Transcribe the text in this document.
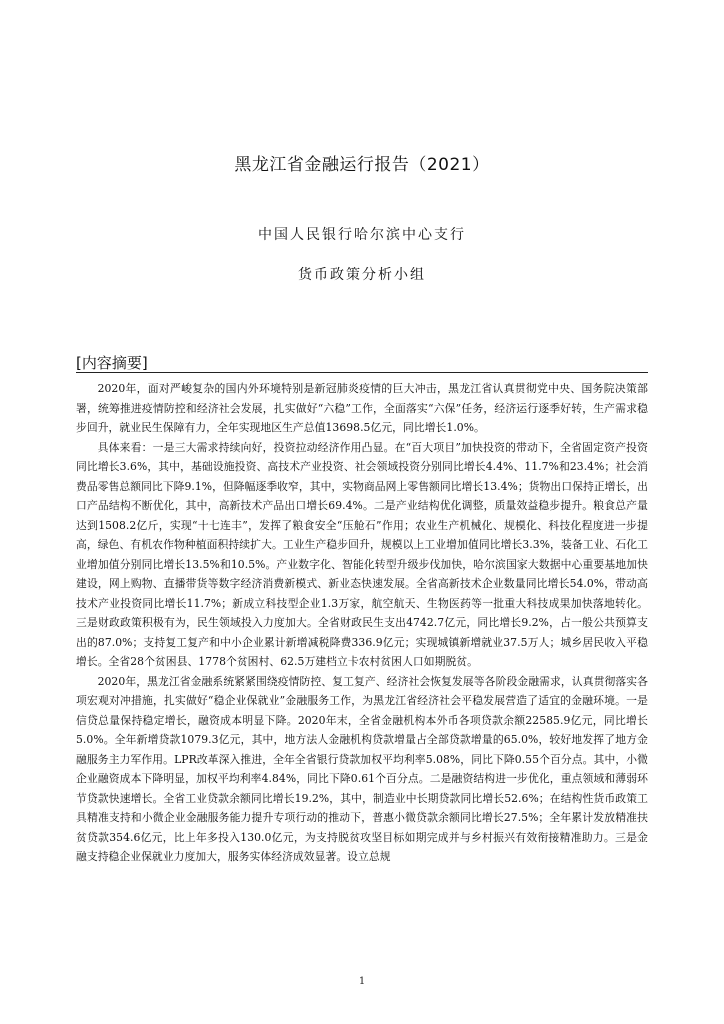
黑龙江省金融运行报告（2021）
中国人民银行哈尔滨中心支行
货币政策分析小组
[内容摘要]

2020年，面对严峻复杂的国内外环境特别是新冠肺炎疫情的巨大冲击，黑龙江省认真贯彻党中央、国务院决策部署，统筹推进疫情防控和经济社会发展，扎实做好“六稳”工作，全面落实“六保”任务，经济运行逐季好转，生产需求稳步回升，就业民生保障有力，全年实现地区生产总值13698.5亿元，同比增长1.0%。

具体来看：一是三大需求持续向好，投资拉动经济作用凸显。在“百大项目”加快投资的带动下，全省固定资产投资同比增长3.6%，其中，基础设施投资、高技术产业投资、社会领域投资分别同比增长4.4%、11.7%和23.4%；社会消费品零售总额同比下降9.1%，但降幅逐季收窄，其中，实物商品网上零售额同比增长13.4%；货物出口保持正增长，出口产品结构不断优化，其中，高新技术产品出口增长69.4%。二是产业结构优化调整，质量效益稳步提升。粮食总产量达到1508.2亿斤，实现“十七连丰”，发挥了粮食安全“压舱石”作用；农业生产机械化、规模化、科技化程度进一步提高，绿色、有机农作物种植面积持续扩大。工业生产稳步回升，规模以上工业增加值同比增长3.3%，装备工业、石化工业增加值分别同比增长13.5%和10.5%。产业数字化、智能化转型升级步伐加快，哈尔滨国家大数据中心重要基地加快建设，网上购物、直播带货等数字经济消费新模式、新业态快速发展。全省高新技术企业数量同比增长54.0%，带动高技术产业投资同比增长11.7%；新成立科技型企业1.3万家，航空航天、生物医药等一批重大科技成果加快落地转化。三是财政政策积极有为，民生领域投入力度加大。全省财政民生支出4742.7亿元，同比增长9.2%，占一般公共预算支出的87.0%；支持复工复产和中小企业累计新增减税降费336.9亿元；实现城镇新增就业37.5万人；城乡居民收入平稳增长。全省28个贫困县、1778个贫困村、62.5万建档立卡农村贫困人口如期脱贫。

2020年，黑龙江省金融系统紧紧围绕疫情防控、复工复产、经济社会恢复发展等各阶段金融需求，认真贯彻落实各项宏观对冲措施，扎实做好“稳企业保就业”金融服务工作，为黑龙江省经济社会平稳发展营造了适宜的金融环境。一是信贷总量保持稳定增长，融资成本明显下降。2020年末，全省金融机构本外币各项贷款余额22585.9亿元，同比增长5.0%。全年新增贷款1079.3亿元，其中，地方法人金融机构贷款增量占全部贷款增量的65.0%，较好地发挥了地方金融服务主力军作用。LPR改革深入推进，全年全省银行贷款加权平均利率5.08%，同比下降0.55个百分点。其中，小微企业融资成本下降明显，加权平均利率4.84%，同比下降0.61个百分点。二是融资结构进一步优化，重点领域和薄弱环节贷款快速增长。全省工业贷款余额同比增长19.2%，其中，制造业中长期贷款同比增长52.6%；在结构性货币政策工具精准支持和小微企业金融服务能力提升专项行动的推动下，普惠小微贷款余额同比增长27.5%；全年累计发放精准扶贫贷款354.6亿元，比上年多投入130.0亿元，为支持脱贫攻坚目标如期完成并与乡村振兴有效衔接精准助力。三是金融支持稳企业保就业力度加大，服务实体经济成效显著。设立总规

1
